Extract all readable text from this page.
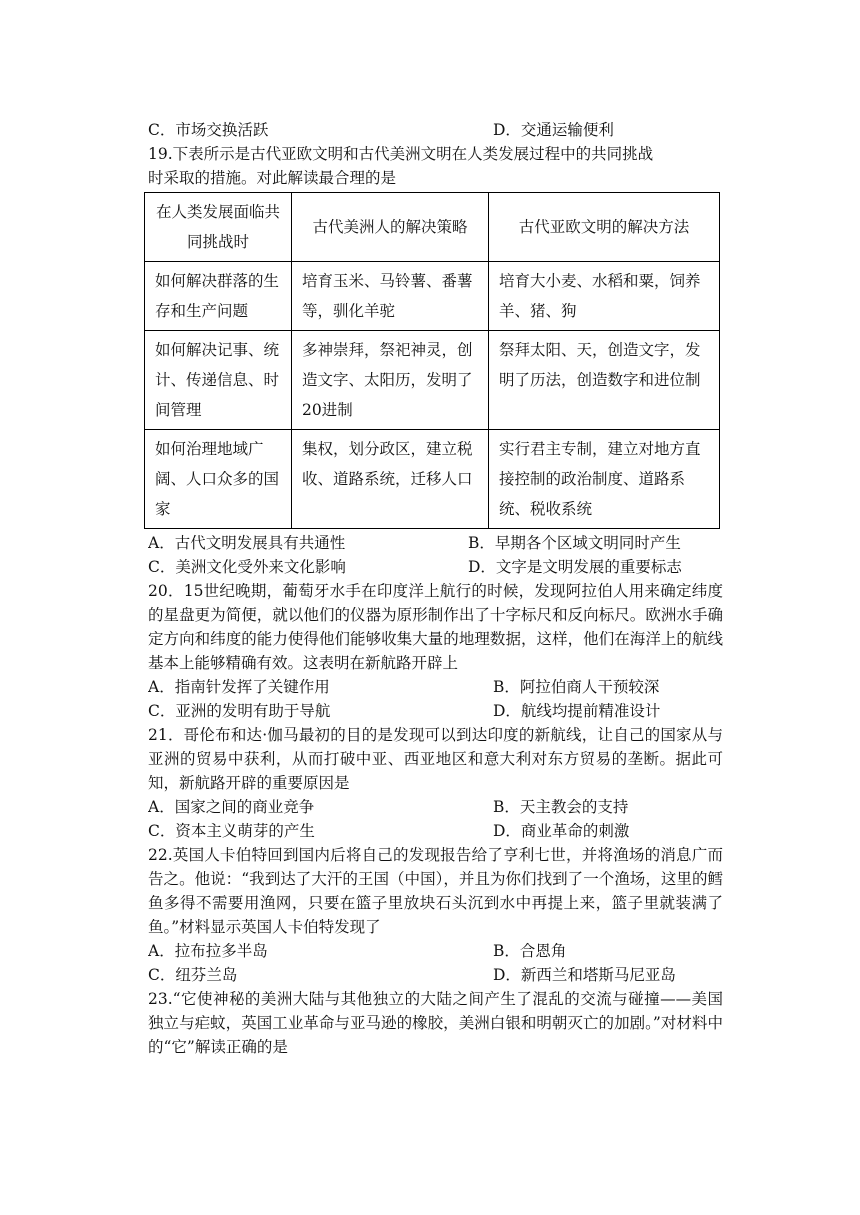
C．市场交换活跃	D．交通运输便利
19.下表所示是古代亚欧文明和古代美洲文明在人类发展过程中的共同挑战
时采取的措施。对此解读最合理的是
在人类发展面临共同挑战时	古代美洲人的解决策略	古代亚欧文明的解决方法
如何解决群落的生存和生产问题	培育玉米、马铃薯、番薯等，驯化羊驼	培育大小麦、水稻和粟，饲养羊、猪、狗
如何解决记事、统计、传递信息、时间管理	多神崇拜，祭祀神灵，创造文字、太阳历，发明了20进制	祭拜太阳、天，创造文字，发明了历法，创造数字和进位制
如何治理地域广阔、人口众多的国家	集权，划分政区，建立税收、道路系统，迁移人口	实行君主专制，建立对地方直接控制的政治制度、道路系统、税收系统
A．古代文明发展具有共通性	B．早期各个区域文明同时产生
C．美洲文化受外来文化影响	D．文字是文明发展的重要标志
20．15世纪晚期，葡萄牙水手在印度洋上航行的时候，发现阿拉伯人用来确定纬度的星盘更为简便，就以他们的仪器为原形制作出了十字标尺和反向标尺。欧洲水手确定方向和纬度的能力使得他们能够收集大量的地理数据，这样，他们在海洋上的航线基本上能够精确有效。这表明在新航路开辟上
A．指南针发挥了关键作用	B．阿拉伯商人干预较深
C．亚洲的发明有助于导航	D．航线均提前精准设计
21．哥伦布和达·伽马最初的目的是发现可以到达印度的新航线，让自己的国家从与亚洲的贸易中获利，从而打破中亚、西亚地区和意大利对东方贸易的垄断。据此可知，新航路开辟的重要原因是
A．国家之间的商业竞争	B．天主教会的支持
C．资本主义萌芽的产生	D．商业革命的刺激
22.英国人卡伯特回到国内后将自己的发现报告给了亨利七世，并将渔场的消息广而告之。他说：“我到达了大汗的王国（中国），并且为你们找到了一个渔场，这里的鳕鱼多得不需要用渔网，只要在篮子里放块石头沉到水中再提上来，篮子里就装满了鱼。”材料显示英国人卡伯特发现了
A．拉布拉多半岛	B．合恩角
C．纽芬兰岛	D．新西兰和塔斯马尼亚岛
23.“它使神秘的美洲大陆与其他独立的大陆之间产生了混乱的交流与碰撞——美国独立与疟蚊，英国工业革命与亚马逊的橡胶，美洲白银和明朝灭亡的加剧。”对材料中的“它”解读正确的是
